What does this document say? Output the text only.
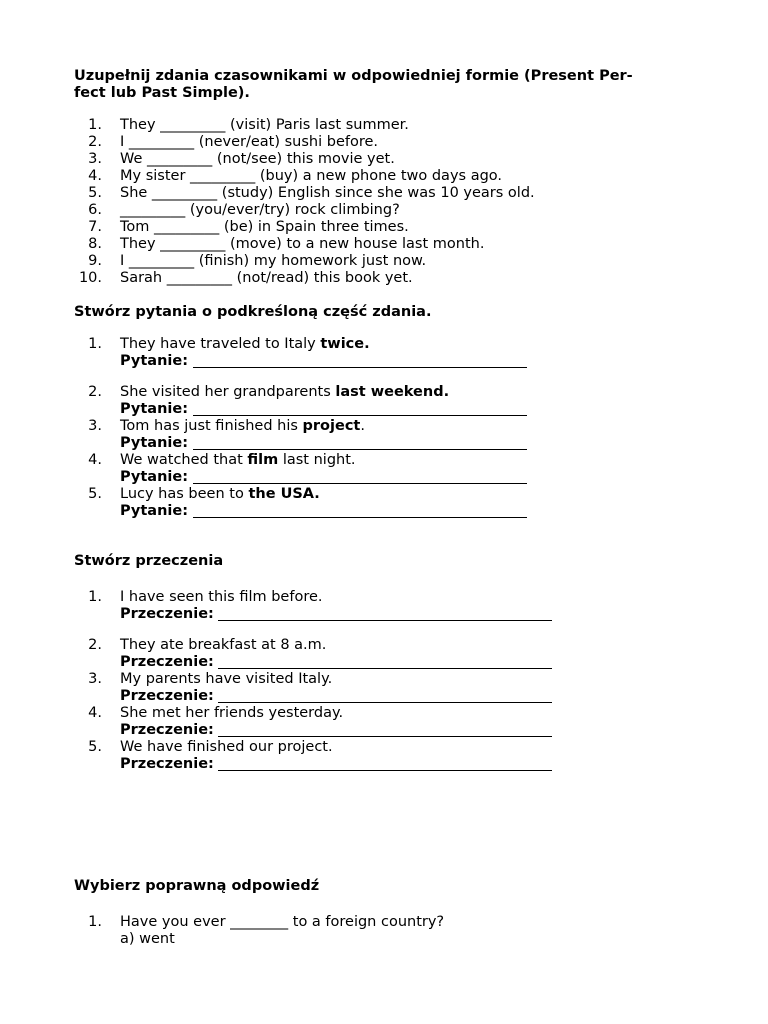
Uzupełnij zdania czasownikami w odpowiedniej formie (Present Per-
fect lub Past Simple).
1. They _________ (visit) Paris last summer.
2. I _________ (never/eat) sushi before.
3. We _________ (not/see) this movie yet.
4. My sister _________ (buy) a new phone two days ago.
5. She _________ (study) English since she was 10 years old.
6. _________ (you/ever/try) rock climbing?
7. Tom _________ (be) in Spain three times.
8. They _________ (move) to a new house last month.
9. I _________ (finish) my homework just now.
10. Sarah _________ (not/read) this book yet.
Stwórz pytania o podkreśloną część zdania.
1. They have traveled to Italy twice.
Pytanie:
2. She visited her grandparents last weekend.
Pytanie:
3. Tom has just finished his project.
Pytanie:
4. We watched that film last night.
Pytanie:
5. Lucy has been to the USA.
Pytanie:
Stwórz przeczenia
1. I have seen this film before.
Przeczenie:
2. They ate breakfast at 8 a.m.
Przeczenie:
3. My parents have visited Italy.
Przeczenie:
4. She met her friends yesterday.
Przeczenie:
5. We have finished our project.
Przeczenie:
Wybierz poprawną odpowiedź
1. Have you ever ________ to a foreign country?
a) went
